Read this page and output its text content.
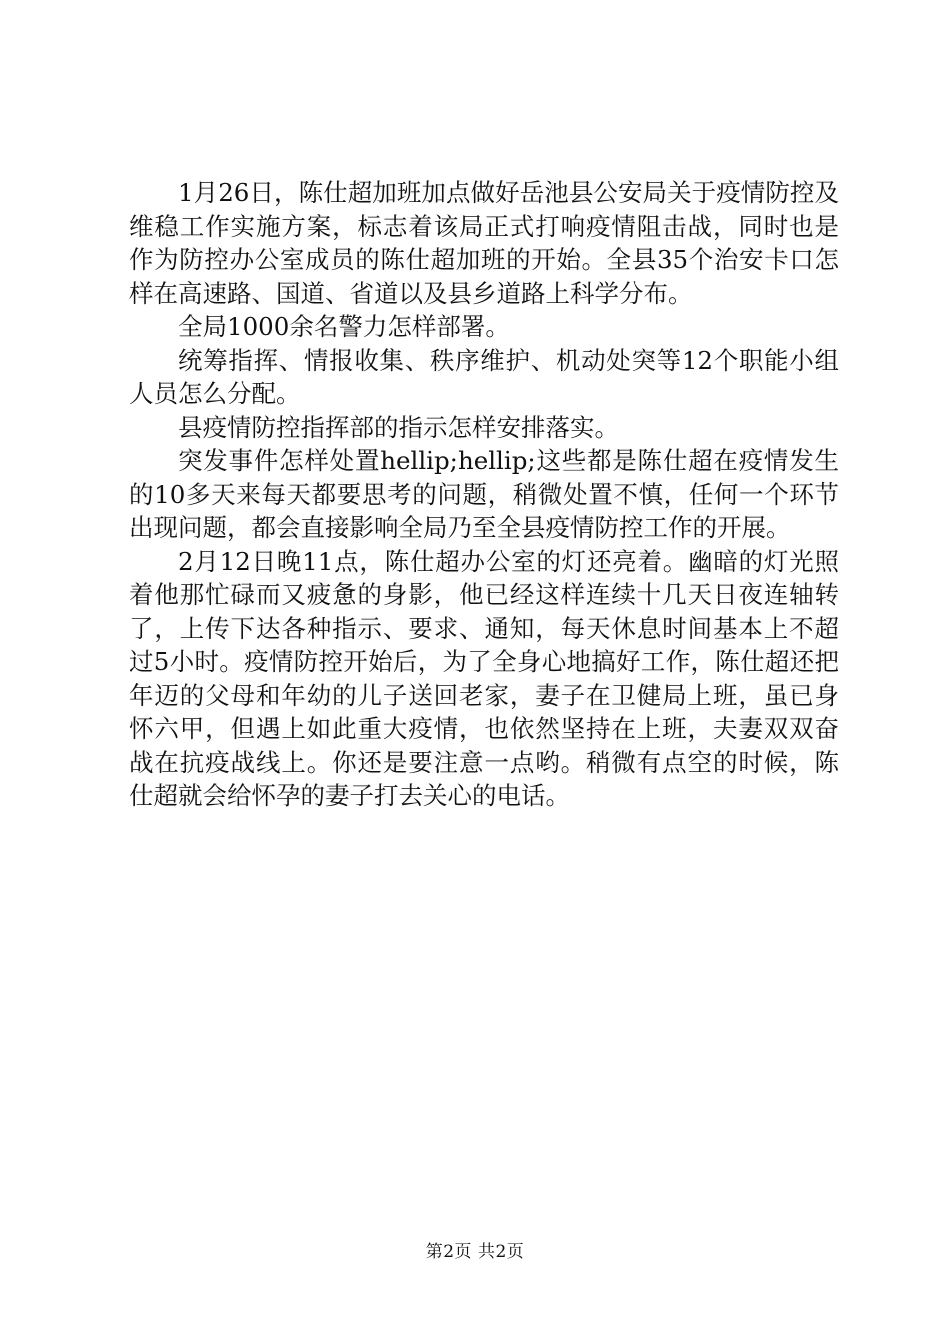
1月26日，陈仕超加班加点做好岳池县公安局关于疫情防控及维稳工作实施方案，标志着该局正式打响疫情阻击战，同时也是作为防控办公室成员的陈仕超加班的开始。全县35个治安卡口怎样在高速路、国道、省道以及县乡道路上科学分布。

全局1000余名警力怎样部署。

统筹指挥、情报收集、秩序维护、机动处突等12个职能小组人员怎么分配。

县疫情防控指挥部的指示怎样安排落实。

突发事件怎样处置hellip;hellip;这些都是陈仕超在疫情发生的10多天来每天都要思考的问题，稍微处置不慎，任何一个环节出现问题，都会直接影响全局乃至全县疫情防控工作的开展。

2月12日晚11点，陈仕超办公室的灯还亮着。幽暗的灯光照着他那忙碌而又疲惫的身影，他已经这样连续十几天日夜连轴转了，上传下达各种指示、要求、通知，每天休息时间基本上不超过5小时。疫情防控开始后，为了全身心地搞好工作，陈仕超还把年迈的父母和年幼的儿子送回老家，妻子在卫健局上班，虽已身怀六甲，但遇上如此重大疫情，也依然坚持在上班，夫妻双双奋战在抗疫战线上。你还是要注意一点哟。稍微有点空的时候，陈仕超就会给怀孕的妻子打去关心的电话。

第2页 共2页
